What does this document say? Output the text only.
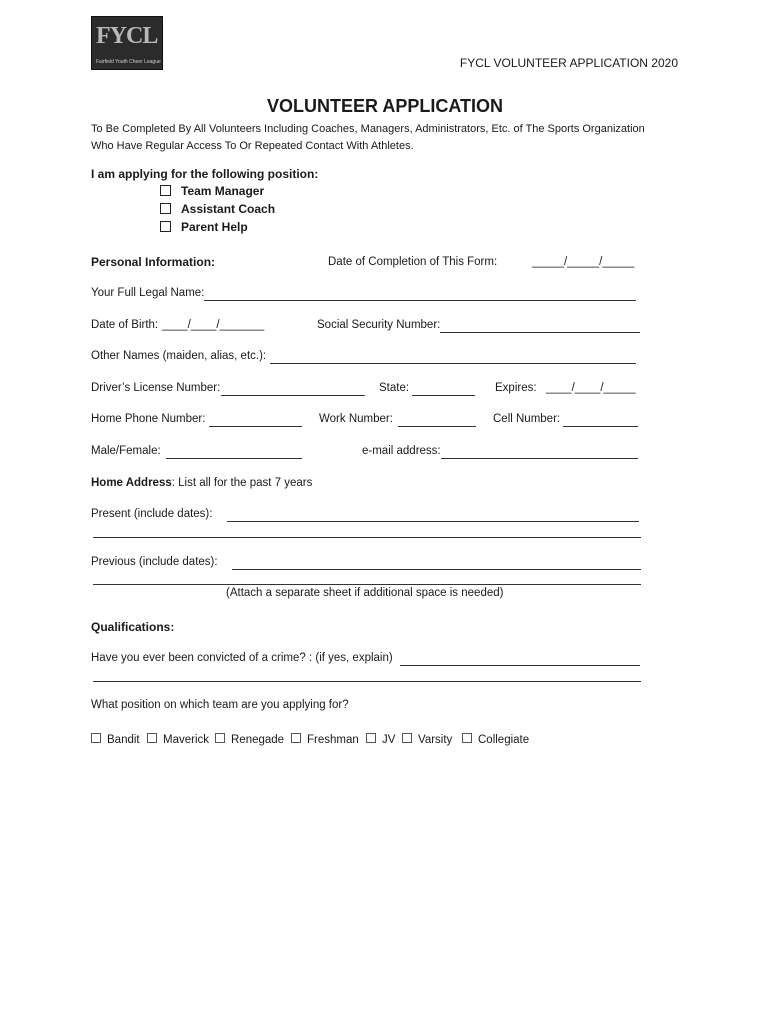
FYCL
Fairfield Youth Cheer League	FYCL VOLUNTEER APPLICATION 2020
VOLUNTEER APPLICATION
To Be Completed By All Volunteers Including Coaches, Managers, Administrators, Etc. of The Sports Organization
Who Have Regular Access To Or Repeated Contact With Athletes.
I am applying for the following position:
Team Manager
Assistant Coach
Parent Help
Personal Information:	Date of Completion of This Form:	_____/_____/_____
Your Full Legal Name:
Date of Birth: ____/____/_______	Social Security Number:
Other Names (maiden, alias, etc.):
Driver’s License Number:	State:	Expires: ____/____/_____
Home Phone Number:	Work Number:	Cell Number:
Male/Female:	e-mail address:
Home Address: List all for the past 7 years
Present (include dates):
Previous (include dates):
(Attach a separate sheet if additional space is needed)
Qualifications:
Have you ever been convicted of a crime? : (if yes, explain)
What position on which team are you applying for?
Bandit	Maverick	Renegade	Freshman	JV	Varsity	Collegiate
